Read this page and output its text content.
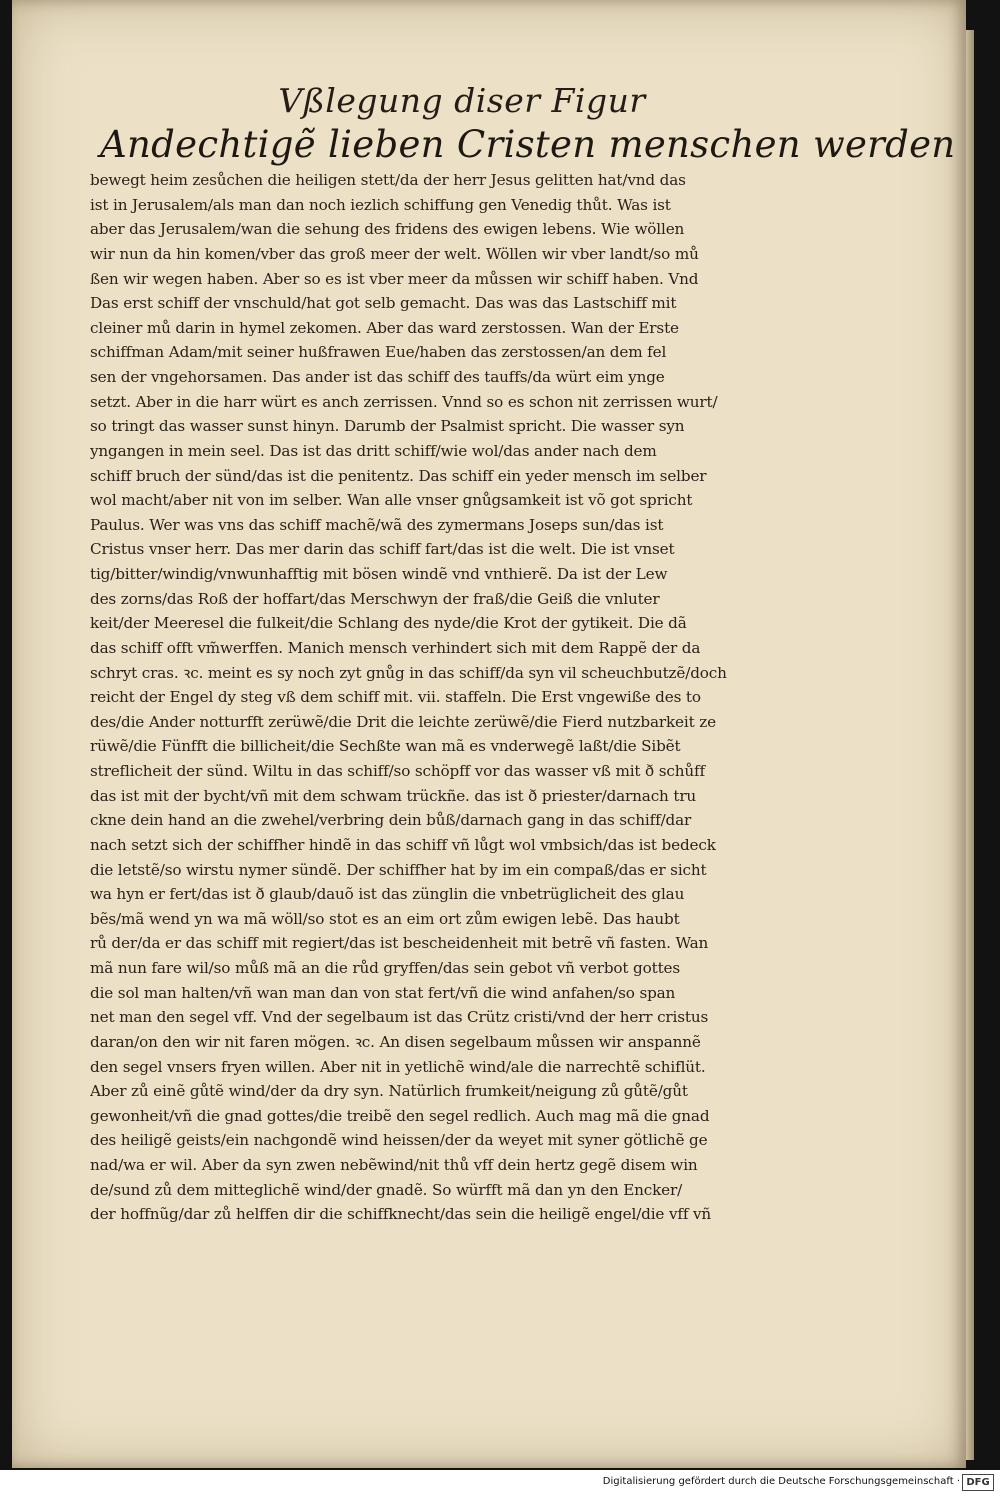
Vßlegung diser Figur
Andechtigẽ lieben Cristen menschen werden
bewegt heim zesůchen die heiligen stett/da der herr Jesus gelitten hat/vnd das
ist in Jerusalem/als man dan noch iezlich schiffung gen Venedig thůt. Was ist
aber das Jerusalem/wan die sehung des fridens des ewigen lebens. Wie wöllen
wir nun da hin komen/vber das groß meer der welt. Wöllen wir vber landt/so mů
ßen wir wegen haben. Aber so es ist vber meer da můssen wir schiff haben. Vnd
Das erst schiff der vnschuld/hat got selb gemacht. Das was das Lastschiff mit
cleiner mů darin in hymel zekomen. Aber das ward zerstossen. Wan der Erste
schiffman Adam/mit seiner hußfrawen Eue/haben das zerstossen/an dem fel
sen der vngehorsamen. Das ander ist das schiff des tauffs/da würt eim ynge
setzt. Aber in die harr würt es anch zerrissen. Vnnd so es schon nit zerrissen wurt/
so tringt das wasser sunst hinyn. Darumb der Psalmist spricht. Die wasser syn
yngangen in mein seel. Das ist das dritt schiff/wie wol/das ander nach dem
schiff bruch der sünd/das ist die penitentz. Das schiff ein yeder mensch im selber
wol macht/aber nit von im selber. Wan alle vnser gnůgsamkeit ist võ got spricht
Paulus. Wer was vns das schiff machẽ/wã des zymermans Joseps sun/das ist
Cristus vnser herr. Das mer darin das schiff fart/das ist die welt. Die ist vnset
tig/bitter/windig/vnwunhafftig mit bösen windẽ vnd vnthierẽ. Da ist der Lew
des zorns/das Roß der hoffart/das Merschwyn der fraß/die Geiß die vnluter
keit/der Meeresel die fulkeit/die Schlang des nyde/die Krot der gytikeit. Die dã
das schiff offt vm̃werffen. Manich mensch verhindert sich mit dem Rappẽ der da
schryt cras. ꝛc. meint es sy noch zyt gnůg in das schiff/da syn vil scheuchbutzẽ/doch
reicht der Engel dy steg vß dem schiff mit. vii. staffeln. Die Erst vngewiße des to
des/die Ander notturfft zerüwẽ/die Drit die leichte zerüwẽ/die Fierd nutzbarkeit ze
rüwẽ/die Fünfft die billicheit/die Sechßte wan mã es vnderwegẽ laßt/die Sibẽt
streflicheit der sünd. Wiltu in das schiff/so schöpff vor das wasser vß mit ð schůff
das ist mit der bycht/vñ mit dem schwam trückñe. das ist ð priester/darnach tru
ckne dein hand an die zwehel/verbring dein bůß/darnach gang in das schiff/dar
nach setzt sich der schiffher hindẽ in das schiff vñ lůgt wol vmbsich/das ist bedeck
die letstẽ/so wirstu nymer sündẽ. Der schiffher hat by im ein compaß/das er sicht
wa hyn er fert/das ist ð glaub/dauõ ist das zünglin die vnbetrüglicheit des glau
bẽs/mã wend yn wa mã wöll/so stot es an eim ort zům ewigen lebẽ. Das haubt
rů der/da er das schiff mit regiert/das ist bescheidenheit mit betrẽ vñ fasten. Wan
mã nun fare wil/so můß mã an die růd gryffen/das sein gebot vñ verbot gottes
die sol man halten/vñ wan man dan von stat fert/vñ die wind anfahen/so span
net man den segel vff. Vnd der segelbaum ist das Crütz cristi/vnd der herr cristus
daran/on den wir nit faren mögen. ꝛc. An disen segelbaum můssen wir anspannẽ
den segel vnsers fryen willen. Aber nit in yetlichẽ wind/ale die narrechtẽ schiflüt.
Aber zů einẽ gůtẽ wind/der da dry syn. Natürlich frumkeit/neigung zů gůtẽ/gůt
gewonheit/vñ die gnad gottes/die treibẽ den segel redlich. Auch mag mã die gnad
des heiligẽ geists/ein nachgondẽ wind heissen/der da weyet mit syner götlichẽ ge
nad/wa er wil. Aber da syn zwen nebẽwind/nit thů vff dein hertz gegẽ disem win
de/sund zů dem mitteglichẽ wind/der gnadẽ. So würfft mã dan yn den Encker/
der hoffnũg/dar zů helffen dir die schiffknecht/das sein die heiligẽ engel/die vff vñ
Digitalisierung gefördert durch die Deutsche Forschungsgemeinschaft · DFG
